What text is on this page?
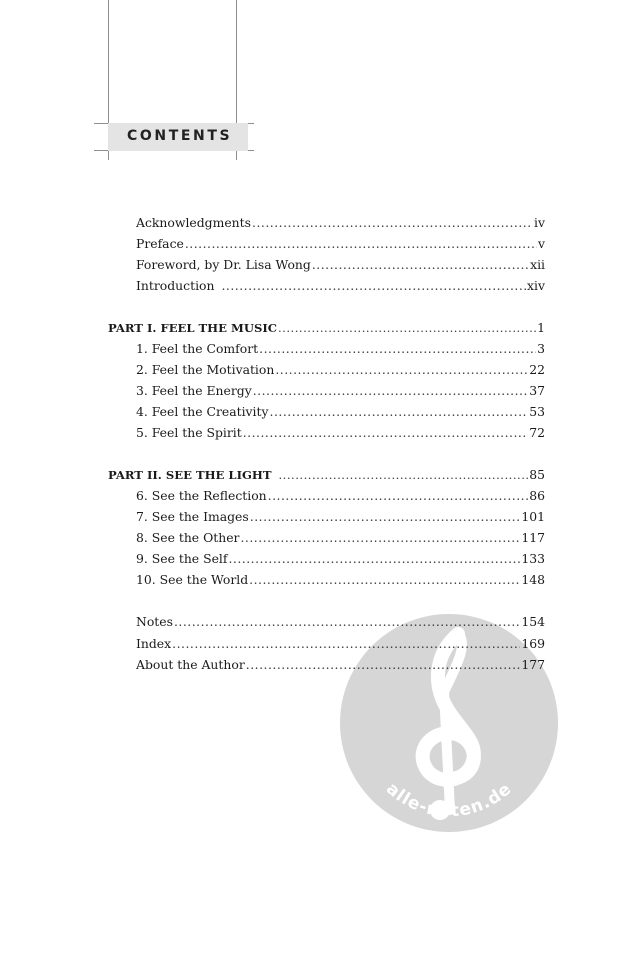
CONTENTS
alle-noten.de
Acknowledgments .....	iv
Preface .....	v
Foreword, by Dr. Lisa Wong .....	xii
Introduction .....	xiv
PART I. FEEL THE MUSIC .....	1
1. Feel the Comfort .....	3
2. Feel the Motivation .....	22
3. Feel the Energy .....	37
4. Feel the Creativity .....	53
5. Feel the Spirit .....	72
PART II. SEE THE LIGHT .....	85
6. See the Reflection .....	86
7. See the Images .....	101
8. See the Other .....	117
9. See the Self .....	133
10. See the World .....	148
Notes .....	154
Index .....	169
About the Author .....	177
